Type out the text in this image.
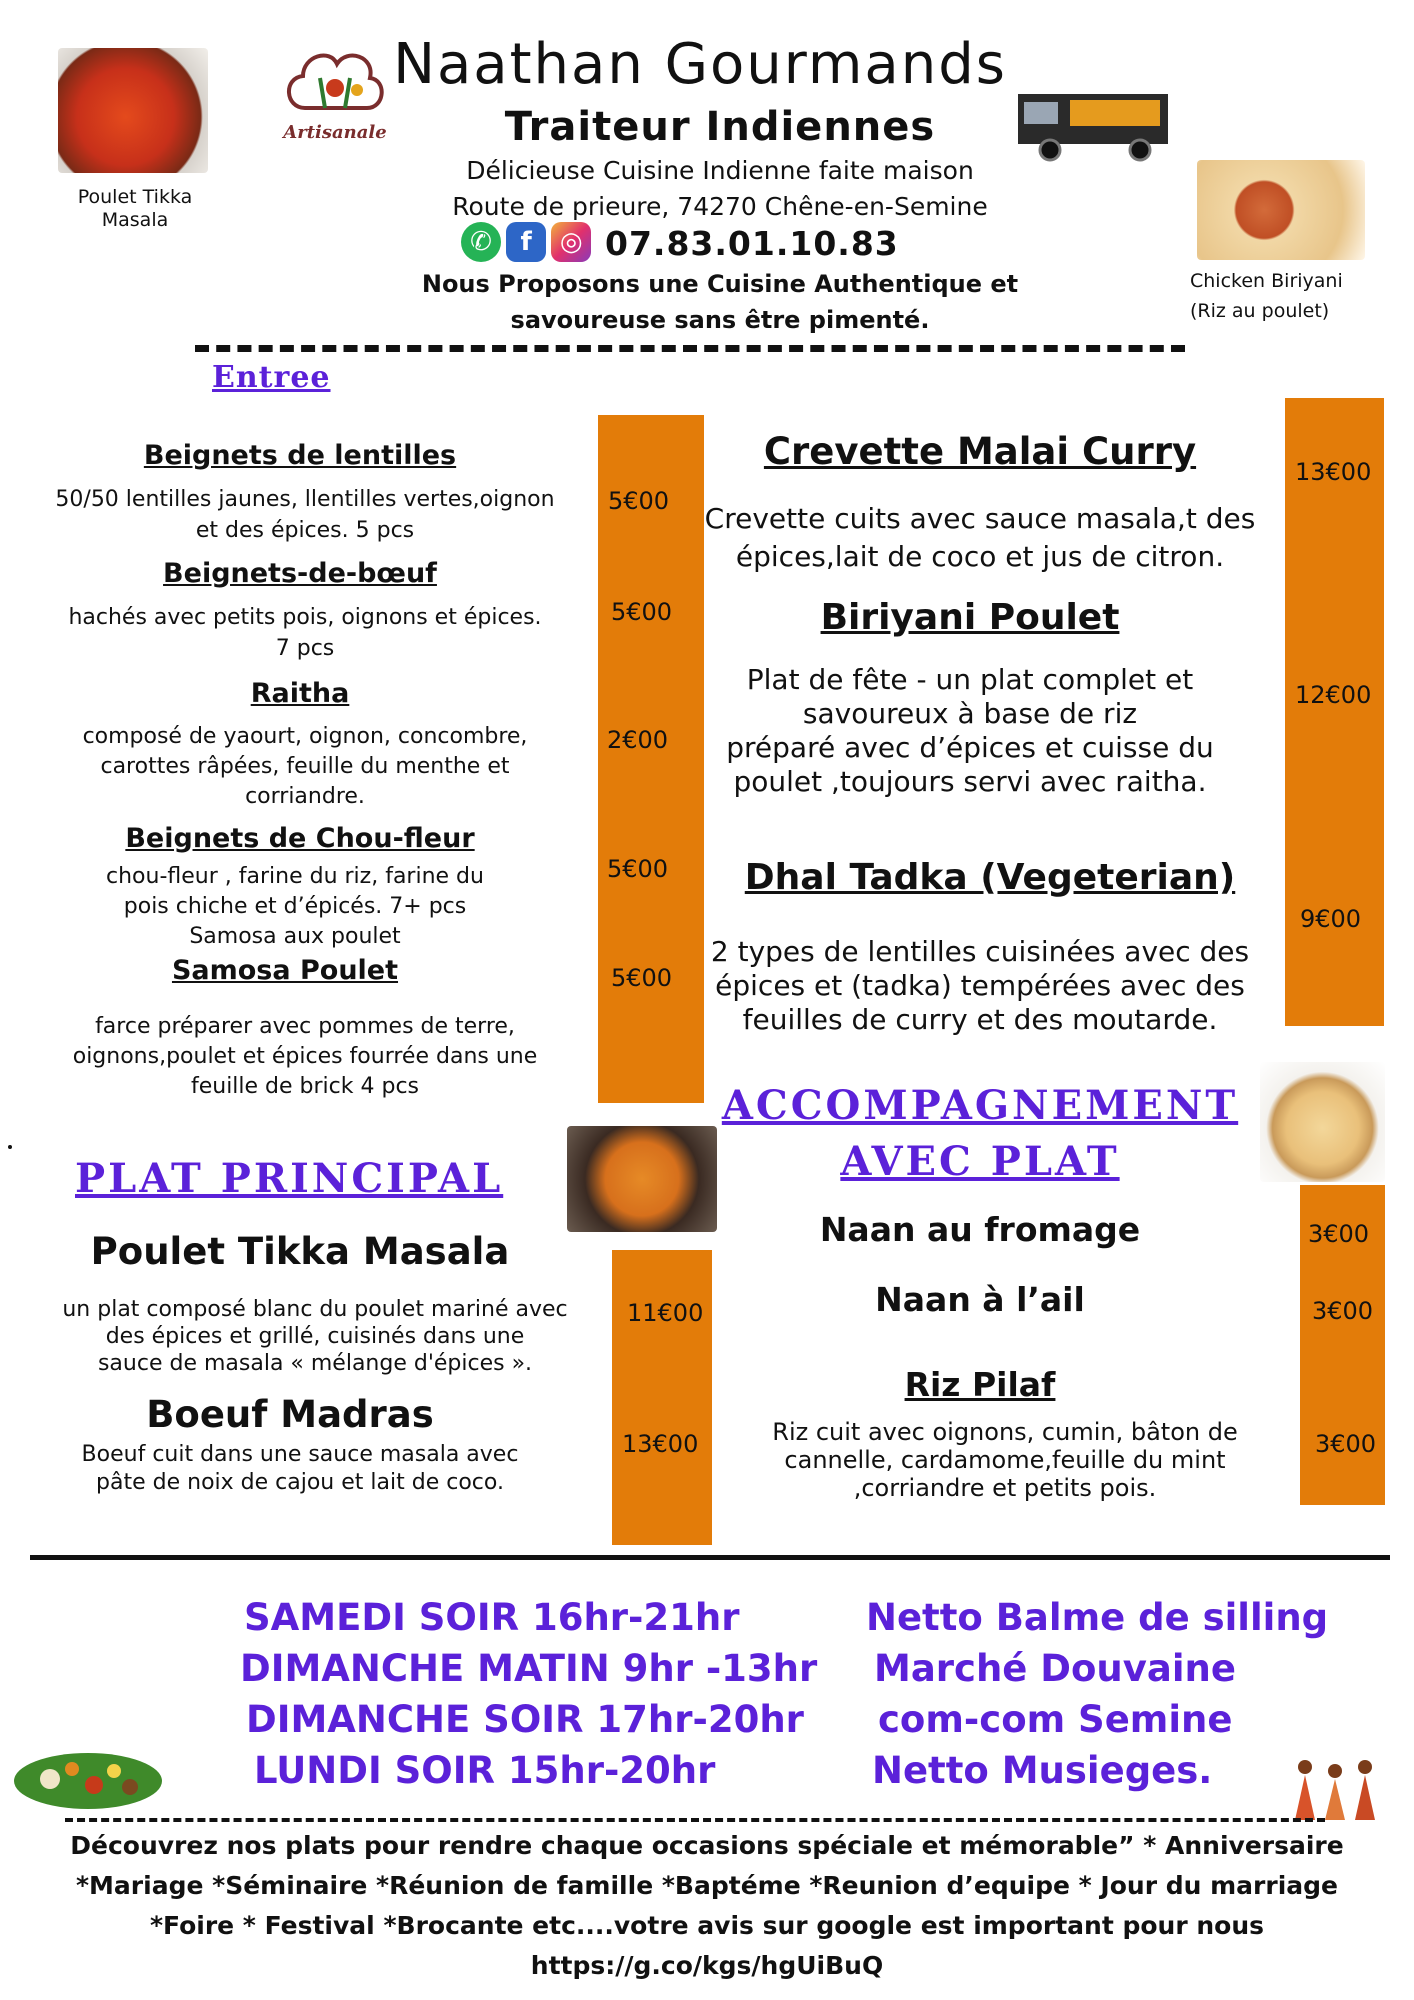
Poulet Tikka
Masala
Artisanale
Naathan Gourmands
Traiteur Indiennes
Délicieuse Cuisine Indienne faite maison
Route de prieure, 74270 Chêne-en-Semine
✆ f ◎ 07.83.01.10.83
Nous Proposons une Cuisine Authentique et
savoureuse sans être pimenté.
Chicken Biriyani
(Riz au poulet)
Entree
Beignets de lentilles
50/50 lentilles jaunes, llentilles vertes,oignon
et des épices. 5 pcs
5€00
Beignets-de-bœuf
hachés avec petits pois, oignons et épices.
7 pcs
5€00
Raitha
composé de yaourt, oignon, concombre,
carottes râpées, feuille du menthe et
corriandre.
2€00
Beignets de Chou-fleur
chou-fleur , farine du riz, farine du
pois chiche et d’épicés. 7+ pcs
Samosa aux poulet
5€00
Samosa Poulet
farce préparer avec pommes de terre,
oignons,poulet et épices fourrée dans une
feuille de brick 4 pcs
5€00
Crevette Malai Curry
Crevette cuits avec sauce masala,t des
épices,lait de coco et jus de citron.
13€00
Biriyani Poulet
Plat de fête - un plat complet et
savoureux à base de riz
préparé avec d’épices et cuisse du
poulet ,toujours servi avec raitha.
12€00
Dhal Tadka (Vegeterian)
2 types de lentilles cuisinées avec des
épices et (tadka) tempérées avec des
feuilles de curry et des moutarde.
9€00
PLAT PRINCIPAL
Poulet Tikka Masala
un plat composé blanc du poulet mariné avec
des épices et grillé, cuisinés dans une
sauce de masala « mélange d'épices ».
11€00
Boeuf Madras
Boeuf cuit dans une sauce masala avec
pâte de noix de cajou et lait de coco.
13€00
ACCOMPAGNEMENT
AVEC PLAT
Naan au fromage	3€00
Naan à l’ail	3€00
Riz Pilaf
Riz cuit avec oignons, cumin, bâton de
cannelle, cardamome,feuille du mint
,corriandre et petits pois.
3€00
SAMEDI SOIR 16hr-21hr
DIMANCHE MATIN 9hr -13hr
DIMANCHE SOIR 17hr-20hr
LUNDI SOIR 15hr-20hr
Netto Balme de silling
Marché Douvaine
com-com Semine
Netto Musieges.
Découvrez nos plats pour rendre chaque occasions spéciale et mémorable” * Anniversaire
*Mariage *Séminaire *Réunion de famille *Baptéme *Reunion d’equipe * Jour du marriage
*Foire * Festival *Brocante etc....votre avis sur google est important pour nous
https://g.co/kgs/hgUiBuQ
